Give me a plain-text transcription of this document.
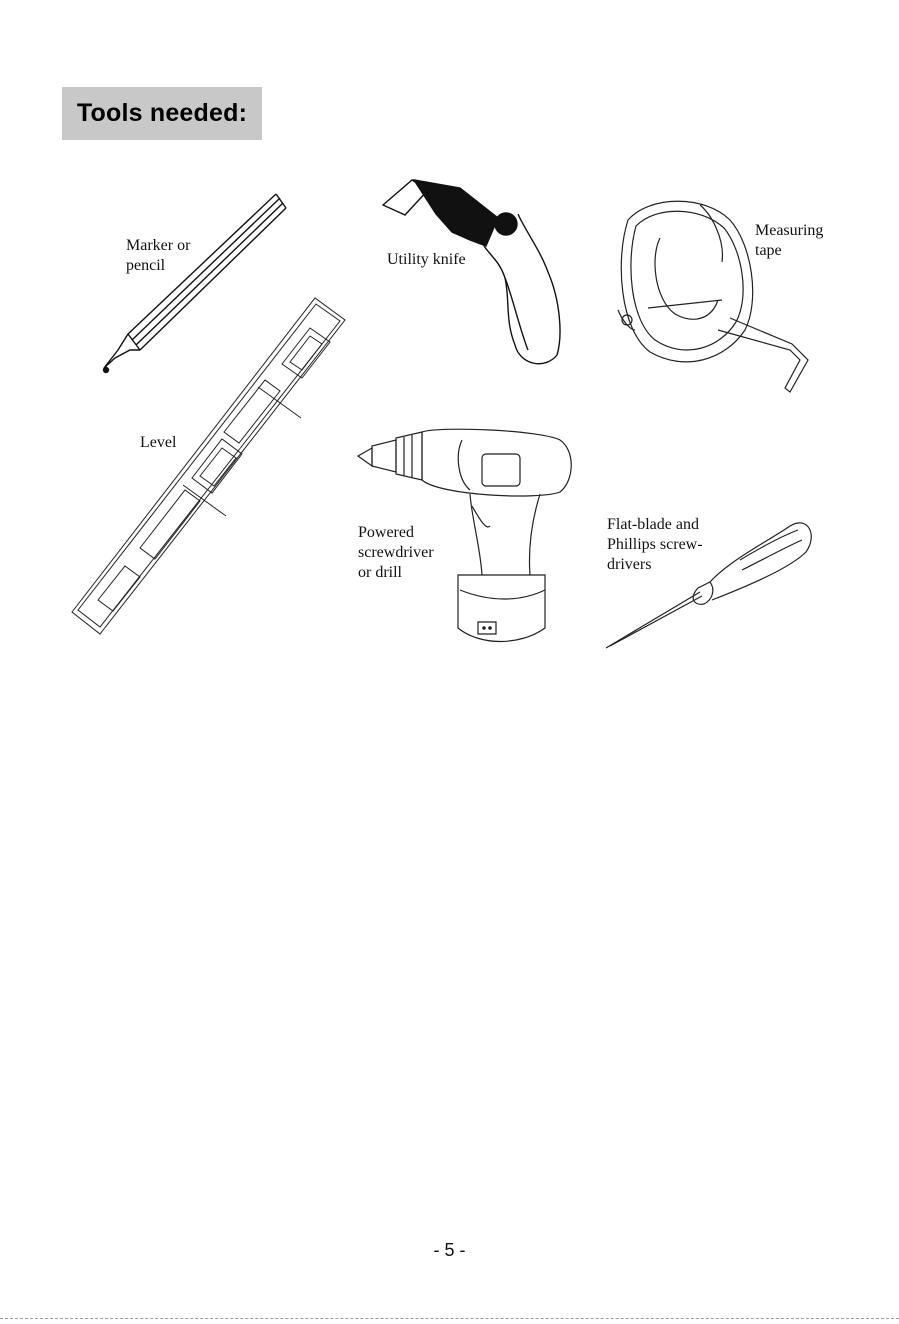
Tools needed:

Marker or
pencil	Utility knife

Measuring
tape

Level

Powered
screwdriver
or drill

Flat-blade and
Phillips screw-
drivers

- 5 -
